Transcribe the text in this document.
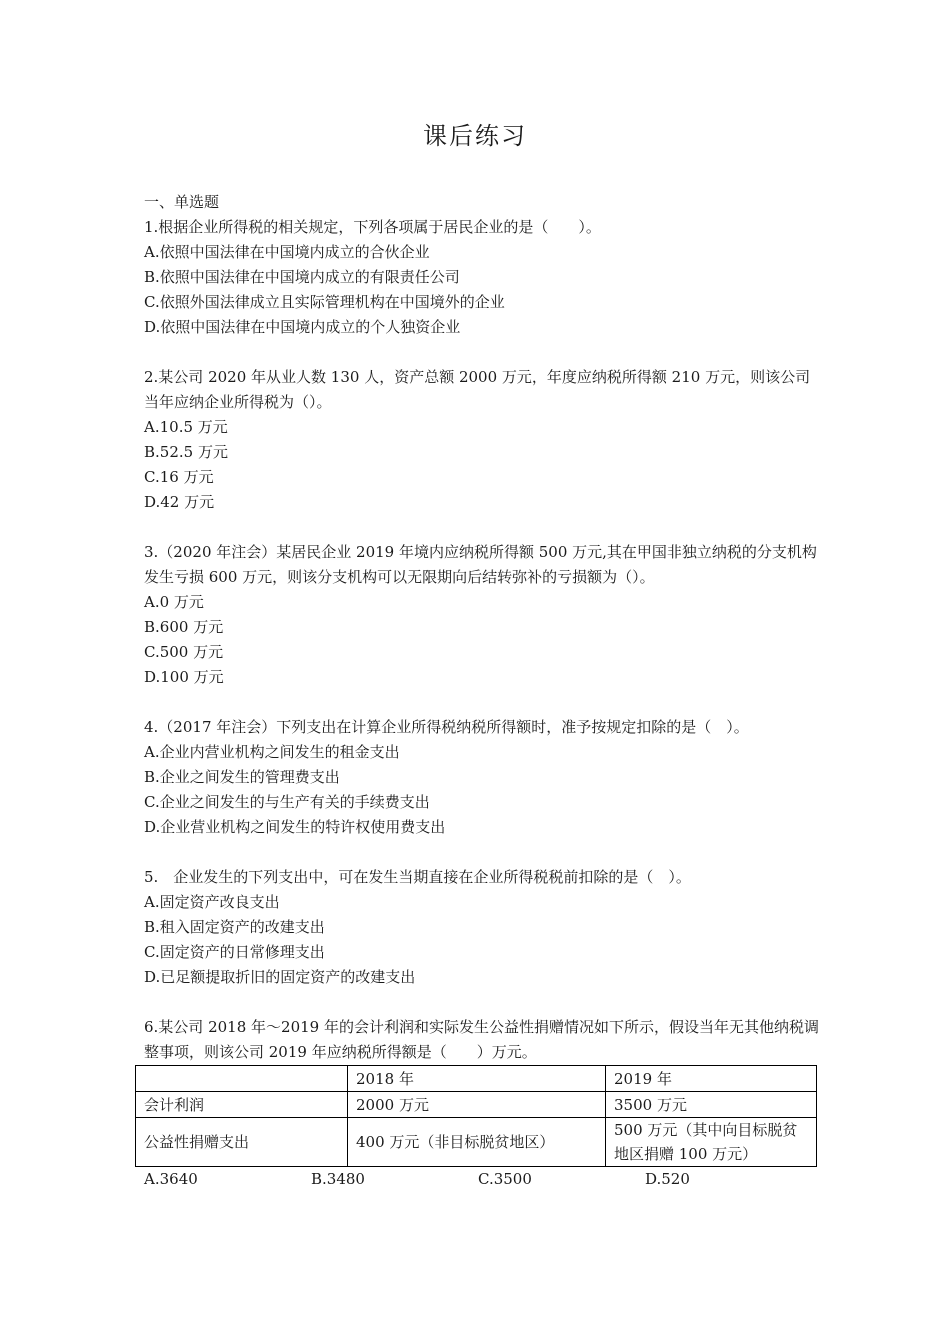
课后练习

一、单选题

1.根据企业所得税的相关规定，下列各项属于居民企业的是（　　）。

A.依照中国法律在中国境内成立的合伙企业

B.依照中国法律在中国境内成立的有限责任公司

C.依照外国法律成立且实际管理机构在中国境外的企业

D.依照中国法律在中国境内成立的个人独资企业

2.某公司 2020 年从业人数 130 人，资产总额 2000 万元，年度应纳税所得额 210 万元，则该公司当年应纳企业所得税为（）。

A.10.5 万元

B.52.5 万元

C.16 万元

D.42 万元

3.（2020 年注会）某居民企业 2019 年境内应纳税所得额 500 万元,其在甲国非独立纳税的分支机构发生亏损 600 万元，则该分支机构可以无限期向后结转弥补的亏损额为（）。

A.0 万元

B.600 万元

C.500 万元

D.100 万元

4.（2017 年注会）下列支出在计算企业所得税纳税所得额时，准予按规定扣除的是（　）。

A.企业内营业机构之间发生的租金支出

B.企业之间发生的管理费支出

C.企业之间发生的与生产有关的手续费支出

D.企业营业机构之间发生的特许权使用费支出

5.　企业发生的下列支出中，可在发生当期直接在企业所得税税前扣除的是（　）。

A.固定资产改良支出

B.租入固定资产的改建支出

C.固定资产的日常修理支出

D.已足额提取折旧的固定资产的改建支出

6.某公司 2018 年～2019 年的会计利润和实际发生公益性捐赠情况如下所示，假设当年无其他纳税调整事项，则该公司 2019 年应纳税所得额是（　　）万元。

	2018 年	2019 年
会计利润	2000 万元	3500 万元
公益性捐赠支出	400 万元（非目标脱贫地区）	500 万元（其中向目标脱贫地区捐赠 100 万元）
A.3640	B.3480	C.3500	D.520
